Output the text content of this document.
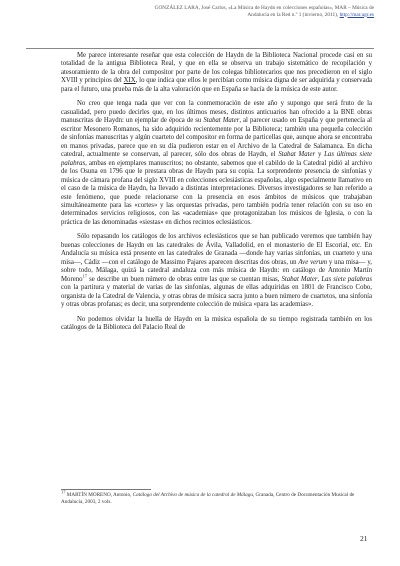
GONZÁLEZ LARA, José Carlos, «La Música de Haydn en colecciones españolas», MAR – Música de
Andalucía en la Red n.º 1 (invierno, 2011), http://mar.ugr.es

Me parece interesante reseñar que esta colección de Haydn de la Biblioteca Nacional procede casi en su totalidad de la antigua Biblioteca Real, y que en ella se observa un trabajo sistemático de recopilación y atesoramiento de la obra del compositor por parte de los colegas bibliotecarios que nos precedieron en el siglo XVIII y principios del XIX, lo que indica que ellos le percibían como música digna de ser adquirida y conservada para el futuro, una prueba más de la alta valoración que en España se hacía de la música de este autor.

No creo que tenga nada que ver con la conmemoración de este año y supongo que será fruto de la casualidad, pero puedo decirles que, en los últimos meses, distintos anticuarios han ofrecido a la BNE obras manuscritas de Haydn: un ejemplar de época de su Stabat Mater, al parecer usado en España y que pertenecía al escritor Mesonero Romanos, ha sido adquirido recientemente por la Biblioteca; también una pequeña colección de sinfonías manuscritas y algún cuarteto del compositor en forma de particellas que, aunque ahora se encontraba en manos privadas, parece que en su día pudieron estar en el Archivo de la Catedral de Salamanca. En dicha catedral, actualmente se conservan, al parecer, sólo dos obras de Haydn, el Stabat Mater y Las últimas siete palabras, ambas en ejemplares manuscritos; no obstante, sabemos que el cabildo de la Catedral pidió al archivo de los Osuna en 1796 que le prestara obras de Haydn para su copia. La sorprendente presencia de sinfonías y música de cámara profana del siglo XVIII en colecciones eclesiásticas españolas, algo especialmente llamativo en el caso de la música de Haydn, ha llevado a distintas interpretaciones. Diversos investigadores se han referido a este fenómeno, que puede relacionarse con la presencia en esos ámbitos de músicos que trabajaban simultáneamente para las «cortes» y las orquestas privadas, pero también podría tener relación con su uso en determinados servicios religiosos, con las «academias» que protagonizaban los músicos de Iglesia, o con la práctica de las denominadas «siestas» en dichos recintos eclesiásticos.

Sólo repasando los catálogos de los archivos eclesiásticos que se han publicado veremos que también hay buenas colecciones de Haydn en las catedrales de Ávila, Valladolid, en el monasterio de El Escorial, etc. En Andalucía su música está presente en las catedrales de Granada —donde hay varias sinfonías, un cuarteto y una misa—, Cádiz —con el catálogo de Massimo Pajares aparecen descritas dos obras, un Ave verum y una misa— y, sobre todo, Málaga, quizá la catedral andaluza con más música de Haydn: en catálogo de Antonio Martín Moreno$^{17}$ se describe un buen número de obras entre las que se cuentan misas, Stabat Mater, Las siete palabras con la partitura y material de varias de las sinfonías, algunas de ellas adquiridas en 1801 de Francisco Cobo, organista de la Catedral de Valencia, y otras obras de música sacra junto a buen número de cuartetos, una sinfonía y otras obras profanas; es decir, una sorprendente colección de música «para las academias».

No podemos olvidar la huella de Haydn en la música española de su tiempo registrada también en los catálogos de la Biblioteca del Palacio Real de

$^{17}$ MARTÍN MORENO, Antonio, Catálogo del Archivo de música de la catedral de Málaga, Granada, Centro de Documentación Musical de Andalucía, 2003, 2 vols.
21
